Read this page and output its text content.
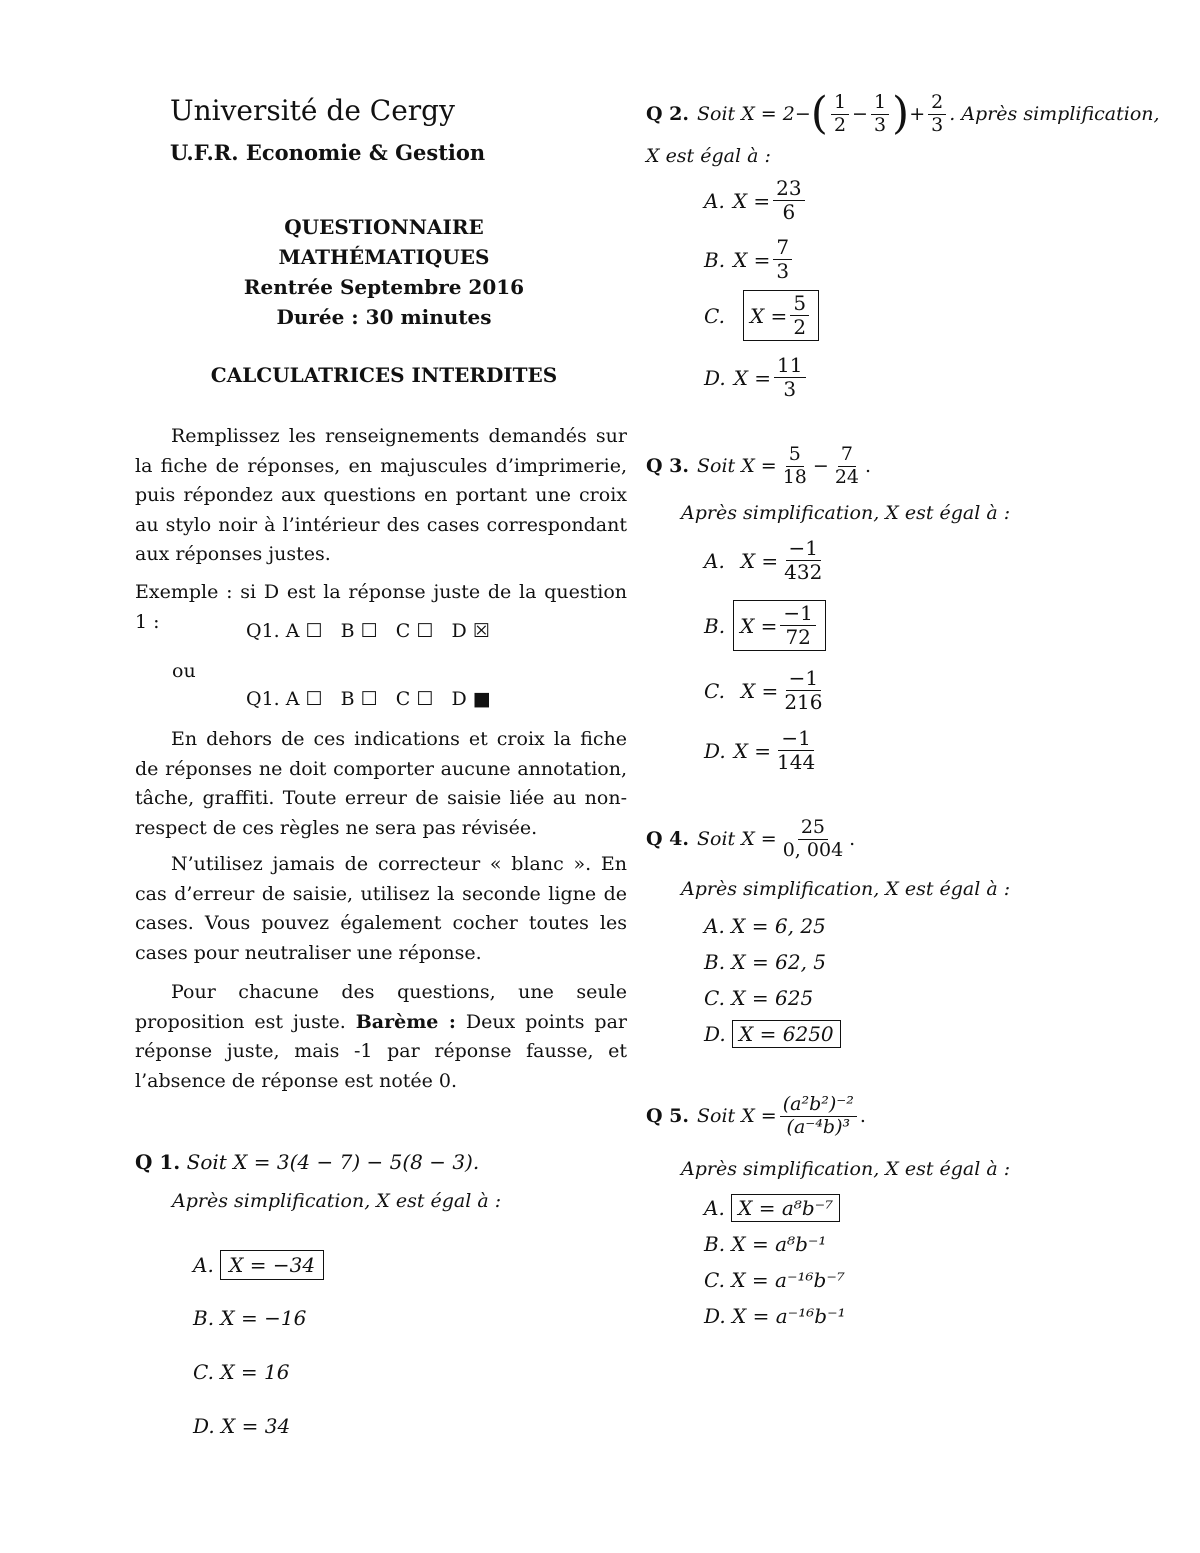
Université de Cergy
U.F.R. Economie & Gestion
QUESTIONNAIRE
MATHÉMATIQUES
Rentrée Septembre 2016
Durée : 30 minutes
CALCULATRICES INTERDITES
Remplissez les renseignements demandés sur la fiche de réponses, en majuscules d’imprimerie, puis répondez aux questions en portant une croix au stylo noir à l’intérieur des cases correspondant aux réponses justes.
Exemple : si D est la réponse juste de la question 1 :	Q1. A ☐   B ☐   C ☐   D ☒
ou
Q1. A ☐   B ☐   C ☐   D ■
En dehors de ces indications et croix la fiche de réponses ne doit comporter aucune annotation, tâche, graffiti. Toute erreur de saisie liée au non-respect de ces règles ne sera pas révisée.
N’utilisez jamais de correcteur « blanc ». En cas d’erreur de saisie, utilisez la seconde ligne de cases. Vous pouvez également cocher toutes les cases pour neutraliser une réponse.
Pour chacune des questions, une seule proposition est juste. Barème : Deux points par réponse juste, mais -1 par réponse fausse, et l’absence de réponse est notée 0.
Q 1. Soit X = 3(4 − 7) − 5(8 − 3).
Après simplification, X est égal à :
A. X = −34
B. X = −16
C. X = 16
D. X = 34
Q 2. Soit X = 2− ( $\frac{1}{2} - \frac{1}{3}$ ) + $\frac{2}{3}$ . Après simplification,
X est égal à :
A. $X = \frac{23}{6}$
B. $X = \frac{7}{3}$
C. $X = \frac{5}{2}$
D. $X = \frac{11}{3}$
Q 3. Soit $X = \frac{5}{18} - \frac{7}{24}$ .
Après simplification, X est égal à :
A. $X = \frac{-1}{432}$
B. $X = \frac{-1}{72}$
C. $X = \frac{-1}{216}$
D. $X = \frac{-1}{144}$
Q 4. Soit $X = \frac{25}{0, 004}$ .
Après simplification, X est égal à :
A. X = 6, 25
B. X = 62, 5
C. X = 625
D. X = 6250
Q 5. Soit $X = \frac{\text{(a²b²)⁻²}}{\text{(a⁻⁴b)³}}$ .
Après simplification, X est égal à :
A. X = a⁸b⁻⁷
B. X = a⁸b⁻¹
C. X = a⁻¹⁶b⁻⁷
D. X = a⁻¹⁶b⁻¹
